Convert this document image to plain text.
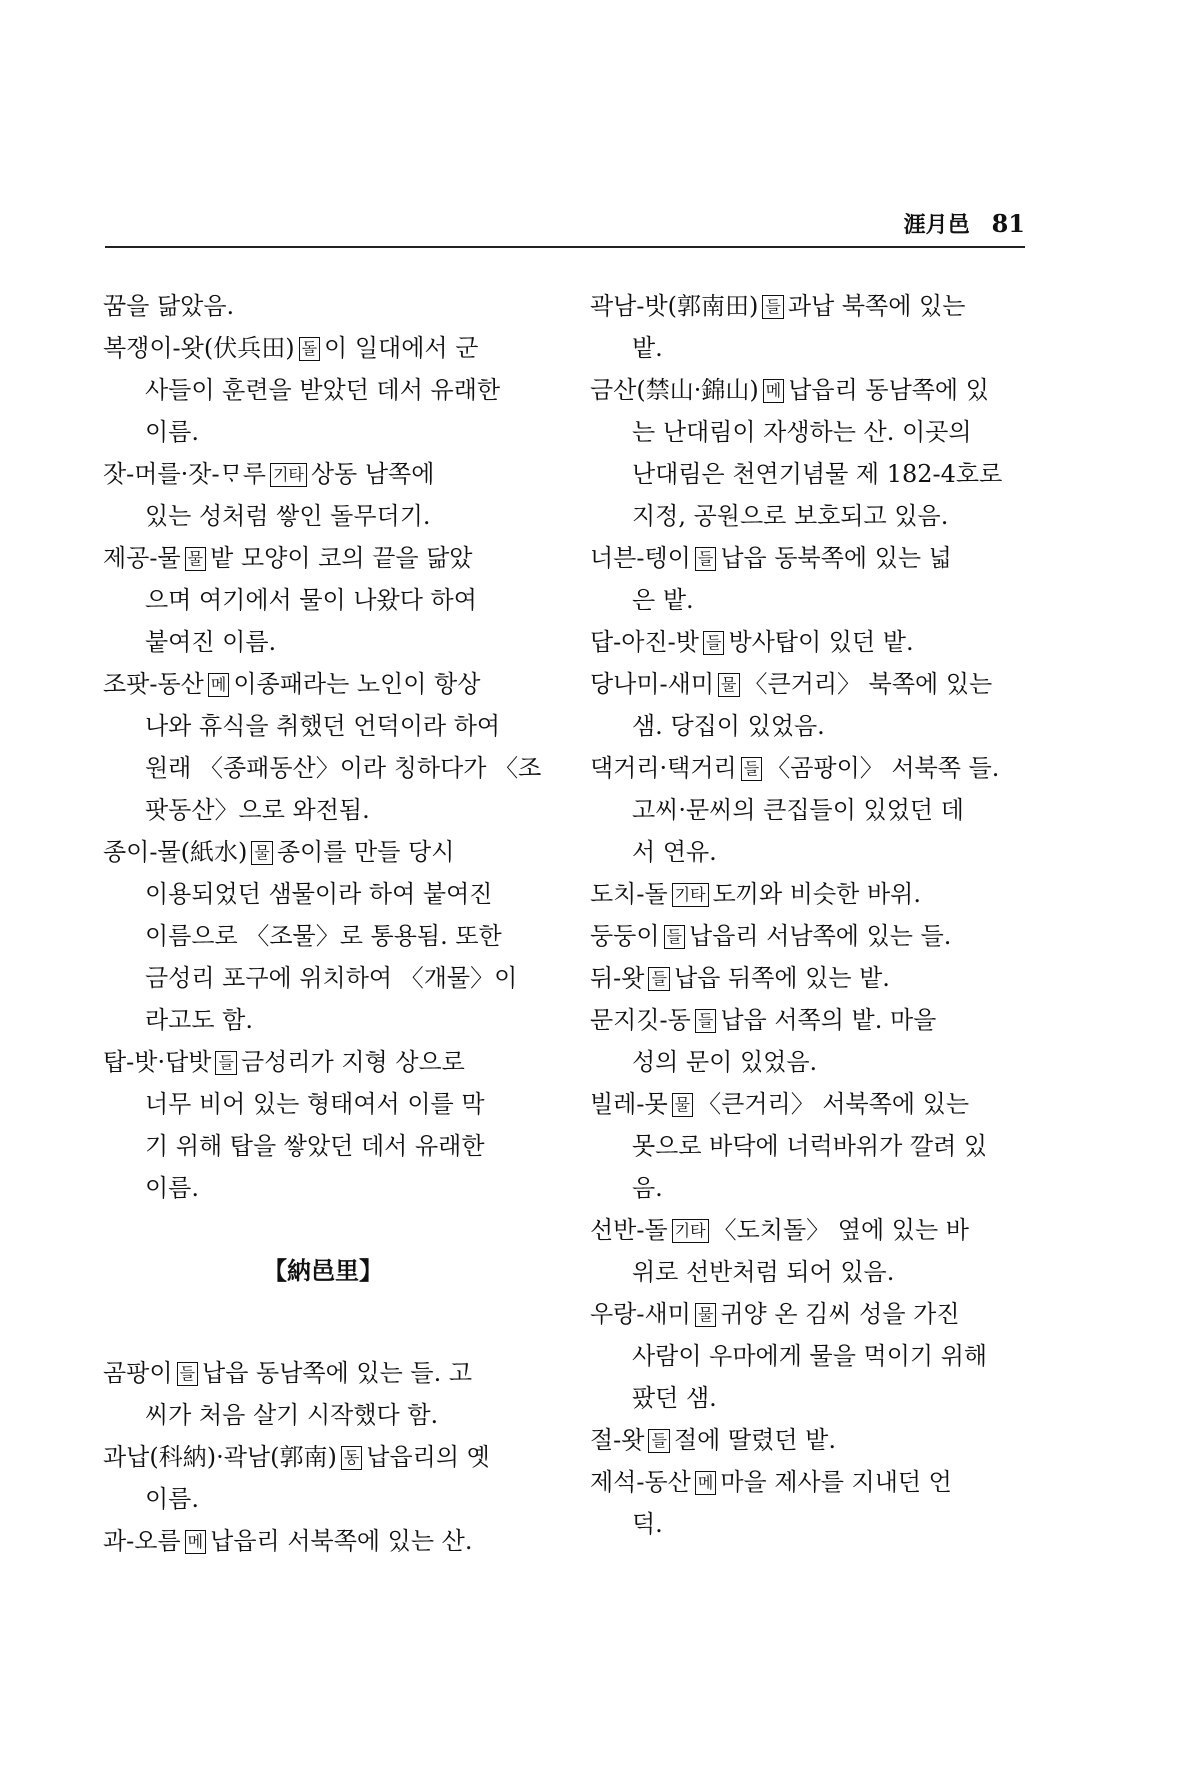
涯月邑 81
꿈을 닮았음.
복쟁이-왓(伏兵田) 돌 이 일대에서 군
사들이 훈련을 받았던 데서 유래한
이름.
잣-머를·잣-ᄆᆞ루 기타 상동 남쪽에
있는 성처럼 쌓인 돌무더기.
제공-물 물 밭 모양이 코의 끝을 닮았
으며 여기에서 물이 나왔다 하여
붙여진 이름.
조팟-동산 메 이종패라는 노인이 항상
나와 휴식을 취했던 언덕이라 하여
원래 〈종패동산〉이라 칭하다가 〈조
팟동산〉으로 와전됨.
종이-물(紙水) 물 종이를 만들 당시
이용되었던 샘물이라 하여 붙여진
이름으로 〈조물〉로 통용됨. 또한
금성리 포구에 위치하여 〈개물〉이
라고도 함.
탑-밧·답밧 들 금성리가 지형 상으로
너무 비어 있는 형태여서 이를 막
기 위해 탑을 쌓았던 데서 유래한
이름.
【納邑里】
곰팡이 들 납읍 동남쪽에 있는 들. 고
씨가 처음 살기 시작했다 함.
과납(科納)·곽남(郭南) 동 납읍리의 옛
이름.
과-오름 메 납읍리 서북쪽에 있는 산.
곽남-밧(郭南田) 들 과납 북쪽에 있는
밭.
금산(禁山·錦山) 메 납읍리 동남쪽에 있
는 난대림이 자생하는 산. 이곳의
난대림은 천연기념물 제 182-4호로
지정, 공원으로 보호되고 있음.
너븐-텡이 들 납읍 동북쪽에 있는 넓
은 밭.
답-아진-밧 들 방사탑이 있던 밭.
당나미-새미 물 〈큰거리〉 북쪽에 있는
샘. 당집이 있었음.
댁거리·택거리 들 〈곰팡이〉 서북쪽 들.
고씨·문씨의 큰집들이 있었던 데
서 연유.
도치-돌 기타 도끼와 비슷한 바위.
둥둥이 들 납읍리 서남쪽에 있는 들.
뒤-왓 들 납읍 뒤쪽에 있는 밭.
문지깃-동 들 납읍 서쪽의 밭. 마을
성의 문이 있었음.
빌레-못 물 〈큰거리〉 서북쪽에 있는
못으로 바닥에 너럭바위가 깔려 있
음.
선반-돌 기타 〈도치돌〉 옆에 있는 바
위로 선반처럼 되어 있음.
우랑-새미 물 귀양 온 김씨 성을 가진
사람이 우마에게 물을 먹이기 위해
팠던 샘.
절-왓 들 절에 딸렸던 밭.
제석-동산 메 마을 제사를 지내던 언
덕.
